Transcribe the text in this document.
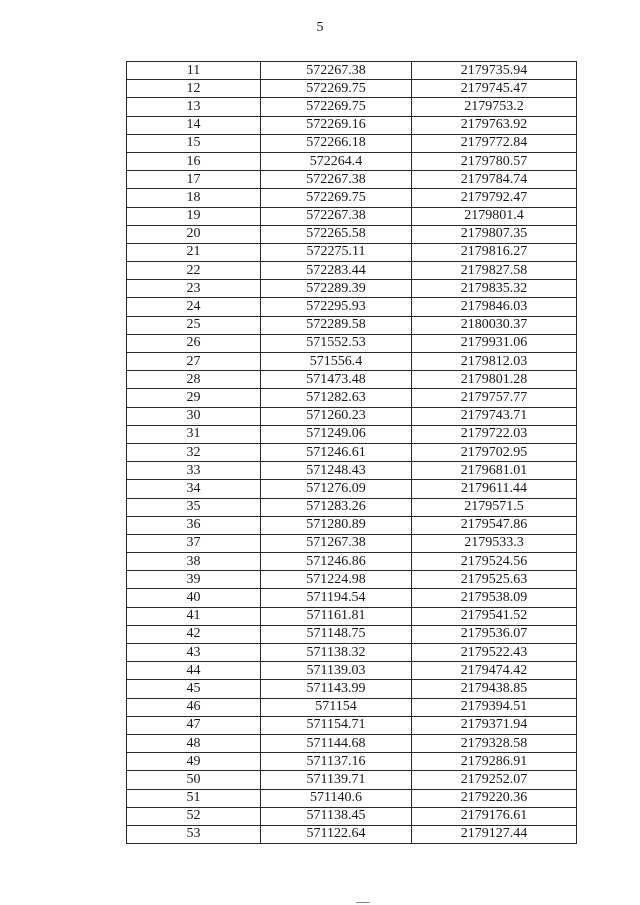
5
11	572267.38	2179735.94
12	572269.75	2179745.47
13	572269.75	2179753.2
14	572269.16	2179763.92
15	572266.18	2179772.84
16	572264.4	2179780.57
17	572267.38	2179784.74
18	572269.75	2179792.47
19	572267.38	2179801.4
20	572265.58	2179807.35
21	572275.11	2179816.27
22	572283.44	2179827.58
23	572289.39	2179835.32
24	572295.93	2179846.03
25	572289.58	2180030.37
26	571552.53	2179931.06
27	571556.4	2179812.03
28	571473.48	2179801.28
29	571282.63	2179757.77
30	571260.23	2179743.71
31	571249.06	2179722.03
32	571246.61	2179702.95
33	571248.43	2179681.01
34	571276.09	2179611.44
35	571283.26	2179571.5
36	571280.89	2179547.86
37	571267.38	2179533.3
38	571246.86	2179524.56
39	571224.98	2179525.63
40	571194.54	2179538.09
41	571161.81	2179541.52
42	571148.75	2179536.07
43	571138.32	2179522.43
44	571139.03	2179474.42
45	571143.99	2179438.85
46	571154	2179394.51
47	571154.71	2179371.94
48	571144.68	2179328.58
49	571137.16	2179286.91
50	571139.71	2179252.07
51	571140.6	2179220.36
52	571138.45	2179176.61
53	571122.64	2179127.44
